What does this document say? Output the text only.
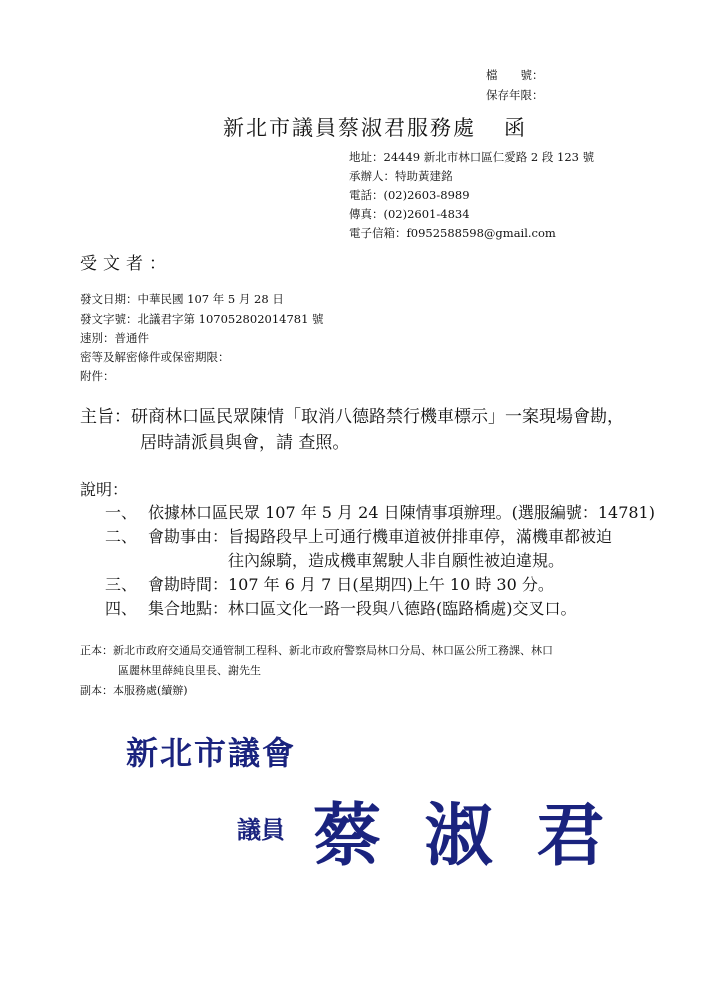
檔　　號：
保存年限：
新北市議員蔡淑君服務處 函
地址：24449 新北市林口區仁愛路 2 段 123 號
承辦人：特助黃建銘
電話：(02)2603-8989
傳真：(02)2601-4834
電子信箱：f0952588598@gmail.com
受文者：
發文日期：中華民國 107 年 5 月 28 日
發文字號：北議君字第 107052802014781 號
速別：普通件
密等及解密條件或保密期限：
附件：
主旨：研商林口區民眾陳情「取消八德路禁行機車標示」一案現場會勘，
居時請派員與會，請 查照。
說明：
一、 依據林口區民眾 107 年 5 月 24 日陳情事項辦理。(選服編號：14781)
二、 會勘事由：旨揭路段早上可通行機車道被併排車停，滿機車都被迫
往內線騎，造成機車駕駛人非自願性被迫違規。
三、 會勘時間：107 年 6 月 7 日(星期四)上午 10 時 30 分。
四、 集合地點：林口區文化一路一段與八德路(臨路橋處)交叉口。
正本：新北市政府交通局交通管制工程科、新北市政府警察局林口分局、林口區公所工務課、林口
區麗林里薛純良里長、謝先生
副本：本服務處(續辦)
新北市議會
議員 蔡 淑 君
